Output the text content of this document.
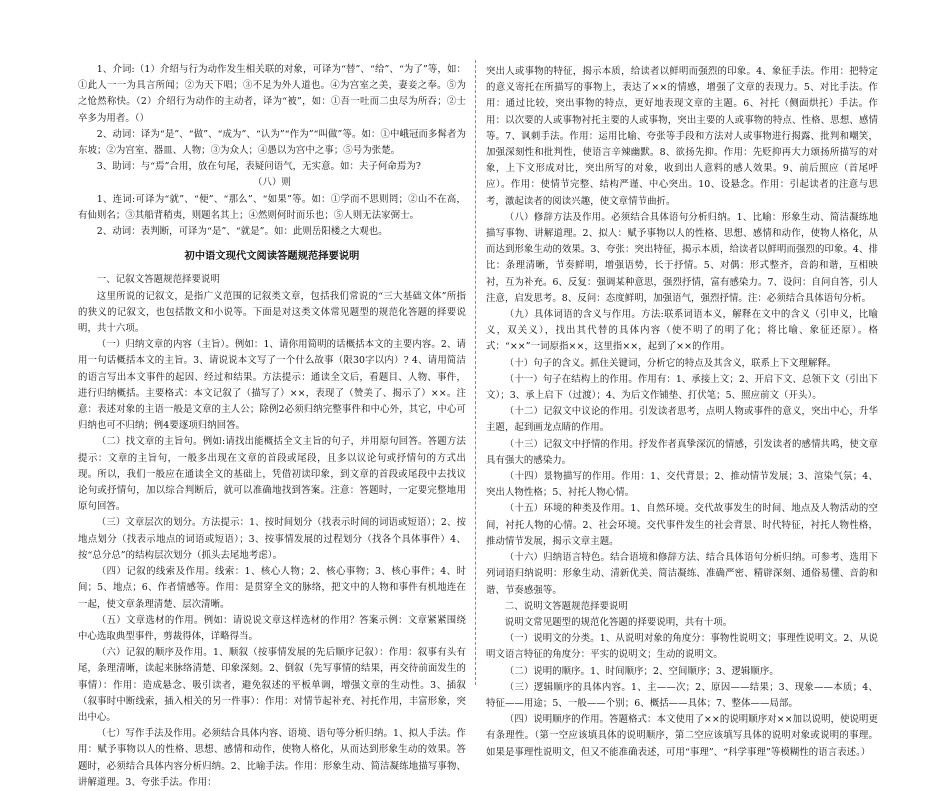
1、介词:（1）介绍与行为动作发生相关联的对象，可译为“替”、“给”、“为了”等，如：①此人一一为具言所闻；②为天下唱；③不足为外人道也。④为宫室之美，妻妾之奉。⑤为之怆然称快。（2）介绍行为动作的主动者，译为“被”，如：①吾一吐而二虫尽为所吞；②士卒多为用者。（）

2、动词：译为“是”、“做”、“成为”、“认为”“作为”“叫做”等。如：①中峨冠而多髯者为东坡；②为宫室、器皿、人物；③为众人；④愚以为宫中之事；⑤号为张楚。

3、助词：与“焉”合用，放在句尾，表疑问语气，无实意。如：夫子何命焉为?

（八）则

1、连词:可译为“就”、“便”、“那么”、“如果”等。如：①学而不思则罔；②山不在高，有仙则名；③其船背稍夷，则题名其上；④然则何时而乐也；⑤人则无法家弼士。

2、动词：表判断，可译为“是”、“就是”。如：此则岳阳楼之大观也。

初中语文现代文阅读答题规范择要说明

一、记叙文答题规范择要说明

这里所说的记叙文，是指广义范围的记叙类文章，包括我们常说的“三大基础文体”所指的狭义的记叙文，也包括散文和小说等。下面是对这类文体常见题型的规范化答题的择要说明，共十六项。

（一）归纳文章的内容（主旨）。例如：1、请你用简明的话概括本文的主要内容。2、请用一句话概括本文的主旨。3、请说说本文写了一个什么故事（限30字以内）? 4、请用简洁的语言写出本文事件的起因、经过和结果。方法提示：通读全文后，看题目、人物、事件，进行归纳概括。主要格式：本文记叙了（描写了）××，表现了（赞美了、揭示了）××。注意：表述对象的主语一般是文章的主人公；除例2必须归纳完整事件和中心外，其它，中心可归纳也可不归纳；例4要逐项归纳回答。

（二）找文章的主旨句。例如:请找出能概括全文主旨的句子，并用原句回答。答题方法提示：文章的主旨句，一般多出现在文章的首段或尾段，且多以议论句或抒情句的方式出现。所以，我们一般应在通读全文的基础上，凭借初读印象，到文章的首段或尾段中去找议论句或抒情句，加以综合判断后，就可以准确地找到答案。注意：答题时，一定要完整地用原句回答。

（三）文章层次的划分。方法提示：1、按时间划分（找表示时间的词语或短语）；2、按地点划分（找表示地点的词语或短语）；3、按事情发展的过程划分（找各个具体事件）4、按“总分总”的结构层次划分（抓头去尾地考虑）。

（四）记叙的线索及作用。线索：1、核心人物；2、核心事物；3、核心事件；4、时间；5、地点；6、作者情感等。作用：是贯穿全文的脉络，把文中的人物和事件有机地连在一起，使文章条理清楚、层次清晰。

（五）文章选材的作用。例如：请说说文章这样选材的作用？答案示例：文章紧紧围绕中心选取典型事件，剪裁得体，详略得当。

（六）记叙的顺序及作用。1、顺叙（按事情发展的先后顺序记叙）：作用：叙事有头有尾，条理清晰，读起来脉络清楚、印象深刻。2、倒叙（先写事情的结果，再交待前面发生的事情）：作用：造成悬念、吸引读者，避免叙述的平板单调，增强文章的生动性。3、插叙（叙事时中断线索，插入相关的另一件事）：作用：对情节起补充、衬托作用，丰富形象，突出中心。

（七）写作手法及作用。必须结合具体内容、语境、语句等分析归纳。1、拟人手法。作用：赋予事物以人的性格、思想、感情和动作，使物人格化，从而达到形象生动的效果。答题时，必须结合具体内容分析归纳。2、比喻手法。作用：形象生动、简洁凝练地描写事物、讲解道理。3、夸张手法。作用：

突出人或事物的特征，揭示本质，给读者以鲜明而强烈的印象。4、象征手法。作用：把特定的意义寄托在所描写的事物上，表达了××的情感，增强了文章的表现力。5、对比手法。作用：通过比较，突出事物的特点，更好地表现文章的主题。6、衬托（侧面烘托）手法。作用：以次要的人或事物衬托主要的人或事物，突出主要的人或事物的特点、性格、思想、感情等。7、讽刺手法。作用：运用比喻、夸张等手段和方法对人或事物进行揭露、批判和嘲笑，加强深刻性和批判性，使语言辛辣幽默。8、欲扬先抑。作用：先贬抑再大力颂扬所描写的对象，上下文形成对比，突出所写的对象，收到出人意料的感人效果。9、前后照应（首尾呼应）。作用：使情节完整、结构严谨、中心突出。10、设悬念。作用：引起读者的注意与思考，激起读者的阅读兴趣，使文章情节曲折。

（八）修辞方法及作用。必须结合具体语句分析归纳。1、比喻：形象生动、简洁凝练地描写事物、讲解道理。2、拟人：赋予事物以人的性格、思想、感情和动作，使物人格化，从而达到形象生动的效果。3、夸张：突出特征，揭示本质，给读者以鲜明而强烈的印象。4、排比：条理清晰，节奏鲜明，增强语势，长于抒情。5、对偶：形式整齐，音韵和谐，互相映衬，互为补充。6、反复：强调某种意思，强烈抒情，富有感染力。7、设问：自问自答，引人注意，启发思考。8、反问：态度鲜明，加强语气，强烈抒情。注：必须结合具体语句分析。

（九）具体词语的含义与作用。方法:联系词语本义，解释在文中的含义（引申义，比喻义，双关义），找出其代替的具体内容（使不明了的明了化；将比喻、象征还原）。格式：“××”一词原指××，这里指××，起到了××的作用。

（十）句子的含义。抓住关键词，分析它的特点及其含义，联系上下文理解释。

（十一）句子在结构上的作用。作用有：1、承接上文；2、开启下文、总领下文（引出下文）；3、承上启下（过渡）；4、为后文作铺垫、打伏笔；5、照应前文（开头）。

（十二）记叙文中议论的作用。引发读者思考，点明人物或事件的意义，突出中心，升华主题，起到画龙点睛的作用。

（十三）记叙文中抒情的作用。抒发作者真挚深沉的情感，引发读者的感情共鸣，使文章具有强大的感染力。

（十四）景物描写的作用。作用：1、交代背景；2、推动情节发展；3、渲染气氛；4、突出人物性格；5、衬托人物心情。

（十五）环境的种类及作用。1、自然环境。交代故事发生的时间、地点及人物活动的空间，衬托人物的心情。2、社会环境。交代事件发生的社会背景、时代特征，衬托人物性格，推动情节发展，揭示文章主题。

（十六）归纳语言特色。结合语境和修辞方法、结合具体语句分析归纳。可参考、选用下列词语归纳说明：形象生动、清新优美、简洁凝练、准确严密、精辟深刻、通俗易懂、音韵和谐、节奏感强等。

二、说明文答题规范择要说明

说明文常见题型的规范化答题的择要说明，共有十项。

（一）说明文的分类。1、从说明对象的角度分：事物性说明文；事理性说明文。2、从说明文语言特征的角度分：平实的说明文；生动的说明文。

（二）说明的顺序。1、时间顺序；2、空间顺序；3、逻辑顺序。

（三）逻辑顺序的具体内容。1、主——次；2、原因——结果；3、现象——本质；4、特征——用途；5、一般——个别；6、概括——具体；7、整体——局部。

（四）说明顺序的作用。答题格式：本文使用了××的说明顺序对××加以说明，使说明更有条理性。（第一空应该填具体的说明顺序，第二空应该填写具体的说明对象或说明的事理。如果是事理性说明文，但又不能准确表述，可用“事理”、“科学事理”等模糊性的语言表述。）
